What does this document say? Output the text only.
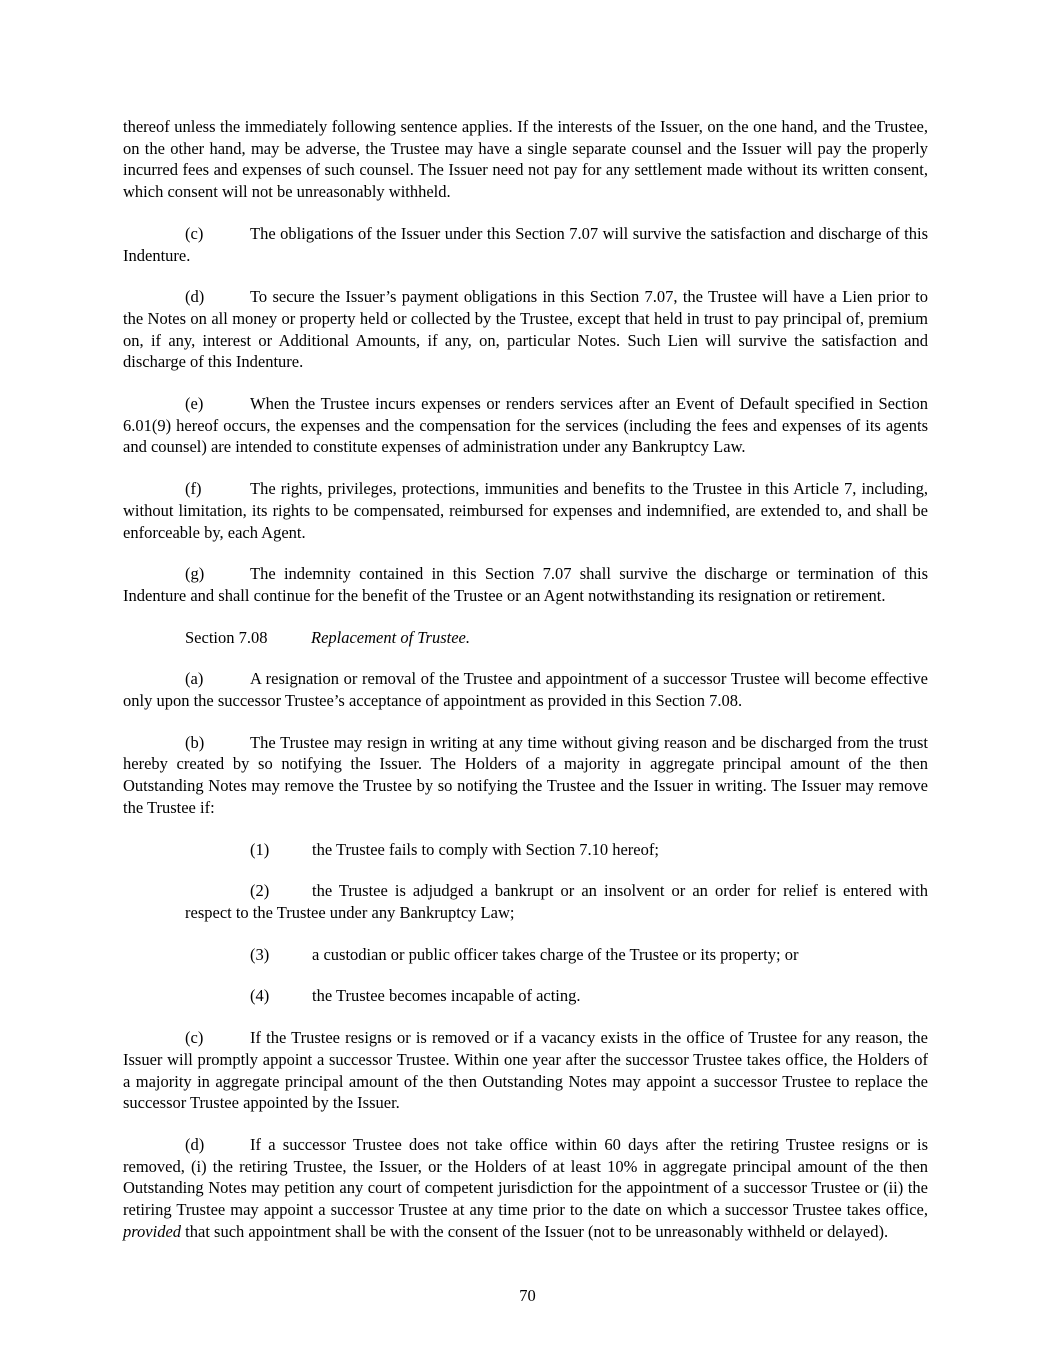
thereof unless the immediately following sentence applies. If the interests of the Issuer, on the one hand, and the Trustee, on the other hand, may be adverse, the Trustee may have a single separate counsel and the Issuer will pay the properly incurred fees and expenses of such counsel. The Issuer need not pay for any settlement made without its written consent, which consent will not be unreasonably withheld.

(c)	The obligations of the Issuer under this Section 7.07 will survive the satisfaction and discharge of this Indenture.

(d)	To secure the Issuer’s payment obligations in this Section 7.07, the Trustee will have a Lien prior to the Notes on all money or property held or collected by the Trustee, except that held in trust to pay principal of, premium on, if any, interest or Additional Amounts, if any, on, particular Notes. Such Lien will survive the satisfaction and discharge of this Indenture.

(e)	When the Trustee incurs expenses or renders services after an Event of Default specified in Section 6.01(9) hereof occurs, the expenses and the compensation for the services (including the fees and expenses of its agents and counsel) are intended to constitute expenses of administration under any Bankruptcy Law.

(f)	The rights, privileges, protections, immunities and benefits to the Trustee in this Article 7, including, without limitation, its rights to be compensated, reimbursed for expenses and indemnified, are extended to, and shall be enforceable by, each Agent.

(g)	The indemnity contained in this Section 7.07 shall survive the discharge or termination of this Indenture and shall continue for the benefit of the Trustee or an Agent notwithstanding its resignation or retirement.

Section 7.08	Replacement of Trustee.

(a)	A resignation or removal of the Trustee and appointment of a successor Trustee will become effective only upon the successor Trustee’s acceptance of appointment as provided in this Section 7.08.

(b)	The Trustee may resign in writing at any time without giving reason and be discharged from the trust hereby created by so notifying the Issuer. The Holders of a majority in aggregate principal amount of the then Outstanding Notes may remove the Trustee by so notifying the Trustee and the Issuer in writing. The Issuer may remove the Trustee if:

(1)	the Trustee fails to comply with Section 7.10 hereof;

(2)	the Trustee is adjudged a bankrupt or an insolvent or an order for relief is entered with respect to the Trustee under any Bankruptcy Law;

(3)	a custodian or public officer takes charge of the Trustee or its property; or

(4)	the Trustee becomes incapable of acting.

(c)	If the Trustee resigns or is removed or if a vacancy exists in the office of Trustee for any reason, the Issuer will promptly appoint a successor Trustee. Within one year after the successor Trustee takes office, the Holders of a majority in aggregate principal amount of the then Outstanding Notes may appoint a successor Trustee to replace the successor Trustee appointed by the Issuer.

(d)	If a successor Trustee does not take office within 60 days after the retiring Trustee resigns or is removed, (i) the retiring Trustee, the Issuer, or the Holders of at least 10% in aggregate principal amount of the then Outstanding Notes may petition any court of competent jurisdiction for the appointment of a successor Trustee or (ii) the retiring Trustee may appoint a successor Trustee at any time prior to the date on which a successor Trustee takes office, provided that such appointment shall be with the consent of the Issuer (not to be unreasonably withheld or delayed).

70
